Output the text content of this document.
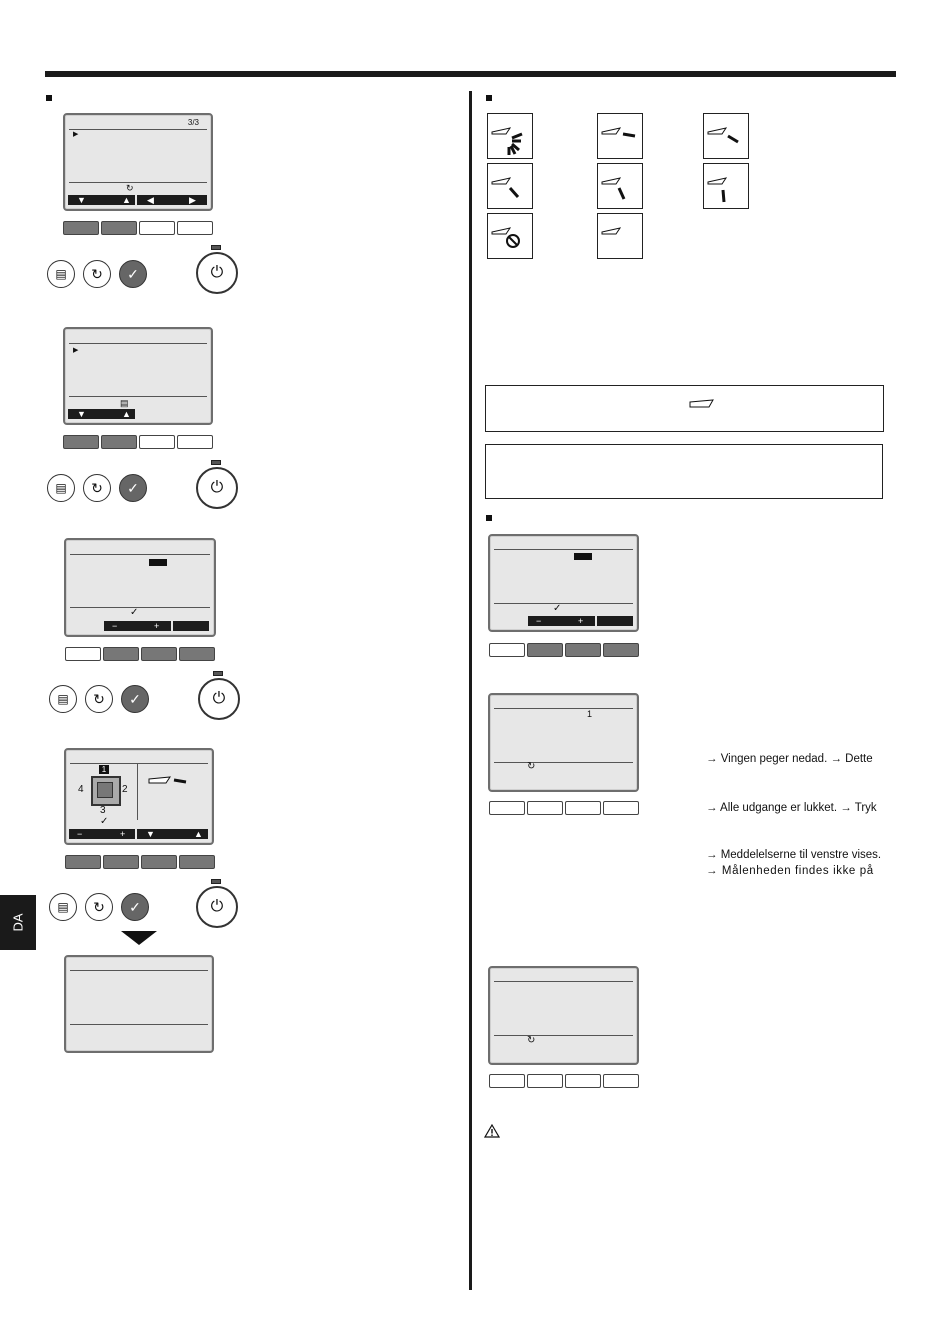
DA
3/3
▶
↻
▼	▲ ◀	▶
▤ ↻ ✓	⏻
▶
▤
▼	▲
▤ ↻ ✓	⏻
✓
−	+
▤ ↻ ✓	⏻
1
4	2
3
✓
−	+ ▼	▲
▤ ↻ ✓	⏻
✓
−	+
1
↻
→ Vingen peger nedad. → Dette
→ Alle udgange er lukket. → Tryk
→ Meddelelserne til venstre vises.
→ Målenheden findes ikke på
↻
